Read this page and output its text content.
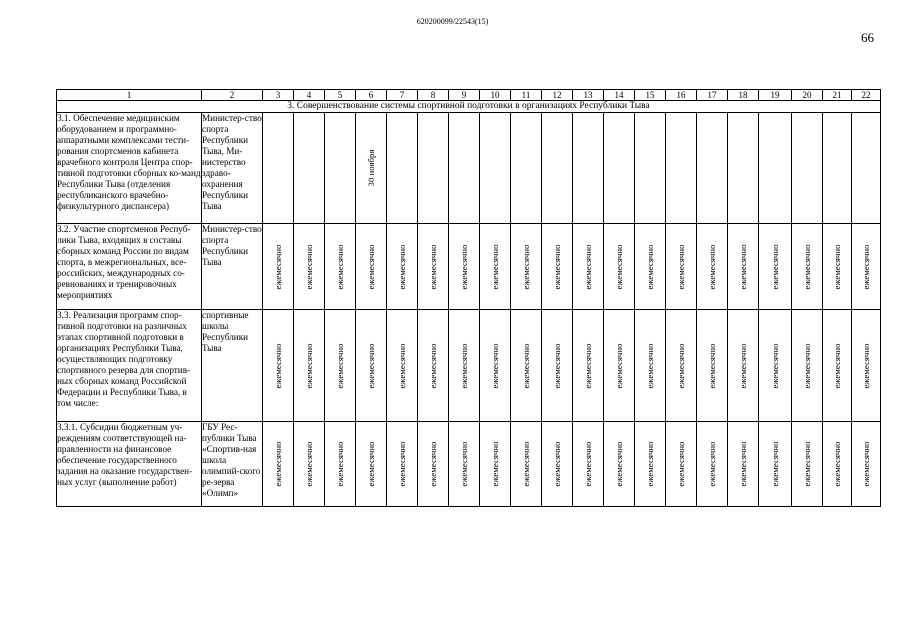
620200099/22543(15)
66
1	2	3	4	5	6	7	8	9	10	11	12	13	14	15	16	17	18	19	20	21	22
3. Совершенствование системы спортивной подготовки в организациях Республики Тыва																					
3.1. Обеспечение медицинским оборудованием и программно-аппаратными комплексами тести-рования спортсменов кабинета врачебного контроля Центра спор-тивной подготовки сборных ко-манд Республики Тыва (отделения республиканского врачебно-физкультурного диспансера)	Министер-ство спорта Республики Тыва, Ми-нистерство здраво-охранения Республики Тыва				30 ноября																

3.2. Участие спортсменов Респуб-лики Тыва, входящих в составы сборных команд России по видам спорта, в межрегиональных, все-российских, международных со-ревнованиях и тренировочных мероприятиях	Министер-ство спорта Республики Тыва	ежемесячно	ежемесячно	ежемесячно	ежемесячно	ежемесячно	ежемесячно	ежемесячно	ежемесячно	ежемесячно	ежемесячно	ежемесячно	ежемесячно	ежемесячно	ежемесячно	ежемесячно	ежемесячно	ежемесячно	ежемесячно	ежемесячно	ежемесячно

3.3. Реализация программ спор-тивной подготовки на различных этапах спортивной подготовки в организациях Республики Тыва, осуществляющих подготовку спортивного резерва для спортив-ных сборных команд Российской Федерации и Республики Тыва, в том числе:	спортивные школы Республики Тыва	ежемесячно	ежемесячно	ежемесячно	ежемесячно	ежемесячно	ежемесячно	ежемесячно	ежемесячно	ежемесячно	ежемесячно	ежемесячно	ежемесячно	ежемесячно	ежемесячно	ежемесячно	ежемесячно	ежемесячно	ежемесячно	ежемесячно	ежемесячно

3.3.1. Субсидии бюджетным уч-реждениям соответствующей на-правленности на финансовое обеспечение государственного задания на оказание государствен-ных услуг (выполнение работ)	ГБУ Рес-публики Тыва «Спортив-ная школа олимпий-ского ре-зерва «Олимп»	ежемесячно	ежемесячно	ежемесячно	ежемесячно	ежемесячно	ежемесячно	ежемесячно	ежемесячно	ежемесячно	ежемесячно	ежемесячно	ежемесячно	ежемесячно	ежемесячно	ежемесячно	ежемесячно	ежемесячно	ежемесячно	ежемесячно	ежемесячно
